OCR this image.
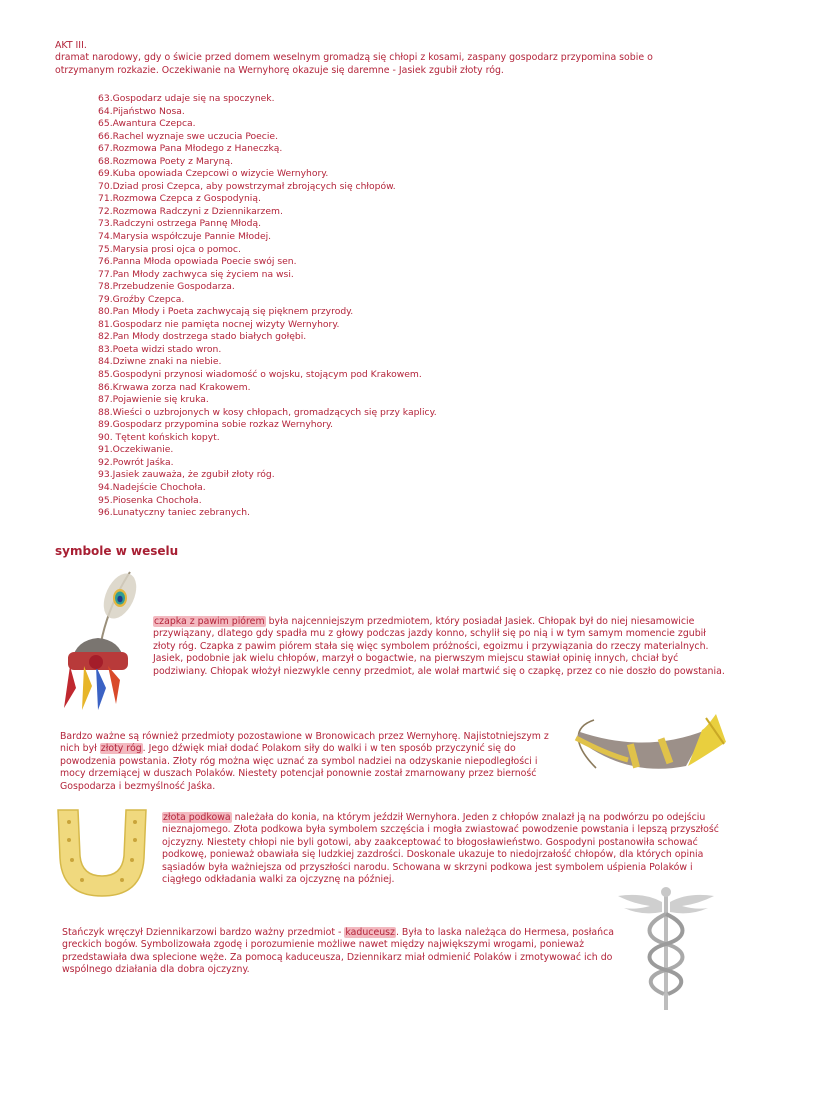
AKT III.
dramat narodowy, gdy o świcie przed domem weselnym gromadzą się chłopi z kosami, zaspany gospodarz przypomina sobie o otrzymanym rozkazie. Oczekiwanie na Wernyhorę okazuje się daremne - Jasiek zgubił złoty róg.
63.Gospodarz udaje się na spoczynek.
64.Pijaństwo Nosa.
65.Awantura Czepca.
66.Rachel wyznaje swe uczucia Poecie.
67.Rozmowa Pana Młodego z Haneczką.
68.Rozmowa Poety z Maryną.
69.Kuba opowiada Czepcowi o wizycie Wernyhory.
70.Dziad prosi Czepca, aby powstrzymał zbrojących się chłopów.
71.Rozmowa Czepca z Gospodynią.
72.Rozmowa Radczyni z Dziennikarzem.
73.Radczyni ostrzega Pannę Młodą.
74.Marysia współczuje Pannie Młodej.
75.Marysia prosi ojca o pomoc.
76.Panna Młoda opowiada Poecie swój sen.
77.Pan Młody zachwyca się życiem na wsi.
78.Przebudzenie Gospodarza.
79.Groźby Czepca.
80.Pan Młody i Poeta zachwycają się pięknem przyrody.
81.Gospodarz nie pamięta nocnej wizyty Wernyhory.
82.Pan Młody dostrzega stado białych gołębi.
83.Poeta widzi stado wron.
84.Dziwne znaki na niebie.
85.Gospodyni przynosi wiadomość o wojsku, stojącym pod Krakowem.
86.Krwawa zorza nad Krakowem.
87.Pojawienie się kruka.
88.Wieści o uzbrojonych w kosy chłopach, gromadzących się przy kaplicy.
89.Gospodarz przypomina sobie rozkaz Wernyhory.
90. Tętent końskich kopyt.
91.Oczekiwanie.
92.Powrót Jaśka.
93.Jasiek zauważa, że zgubił złoty róg.
94.Nadejście Chochoła.
95.Piosenka Chochoła.
96.Lunatyczny taniec zebranych.
symbole w weselu
czapka z pawim piórem była najcenniejszym przedmiotem, który posiadał Jasiek. Chłopak był do niej niesamowicie przywiązany, dlatego gdy spadła mu z głowy podczas jazdy konno, schylił się po nią i w tym samym momencie zgubił złoty róg. Czapka z pawim piórem stała się więc symbolem próżności, egoizmu i przywiązania do rzeczy materialnych. Jasiek, podobnie jak wielu chłopów, marzył o bogactwie, na pierwszym miejscu stawiał opinię innych, chciał być podziwiany. Chłopak włożył niezwykle cenny przedmiot, ale wolał martwić się o czapkę, przez co nie doszło do powstania.
Bardzo ważne są również przedmioty pozostawione w Bronowicach przez Wernyhorę. Najistotniejszym z nich był złoty róg. Jego dźwięk miał dodać Polakom siły do walki i w ten sposób przyczynić się do powodzenia powstania. Złoty róg można więc uznać za symbol nadziei na odzyskanie niepodległości i mocy drzemiącej w duszach Polaków. Niestety potencjał ponownie został zmarnowany przez bierność Gospodarza i bezmyślność Jaśka.
złota podkowa należała do konia, na którym jeździł Wernyhora. Jeden z chłopów znalazł ją na podwórzu po odejściu nieznajomego. Złota podkowa była symbolem szczęścia i mogła zwiastować powodzenie powstania i lepszą przyszłość ojczyzny. Niestety chłopi nie byli gotowi, aby zaakceptować to błogosławieństwo. Gospodyni postanowiła schować podkowę, ponieważ obawiała się ludzkiej zazdrości. Doskonale ukazuje to niedojrzałość chłopów, dla których opinia sąsiadów była ważniejsza od przyszłości narodu. Schowana w skrzyni podkowa jest symbolem uśpienia Polaków i ciągłego odkładania walki za ojczyznę na później.
Stańczyk wręczył Dziennikarzowi bardzo ważny przedmiot - kaduceusz. Była to laska należąca do Hermesa, posłańca greckich bogów. Symbolizowała zgodę i porozumienie możliwe nawet między największymi wrogami, ponieważ przedstawiała dwa splecione węże. Za pomocą kaduceusza, Dziennikarz miał odmienić Polaków i zmotywować ich do wspólnego działania dla dobra ojczyzny.
